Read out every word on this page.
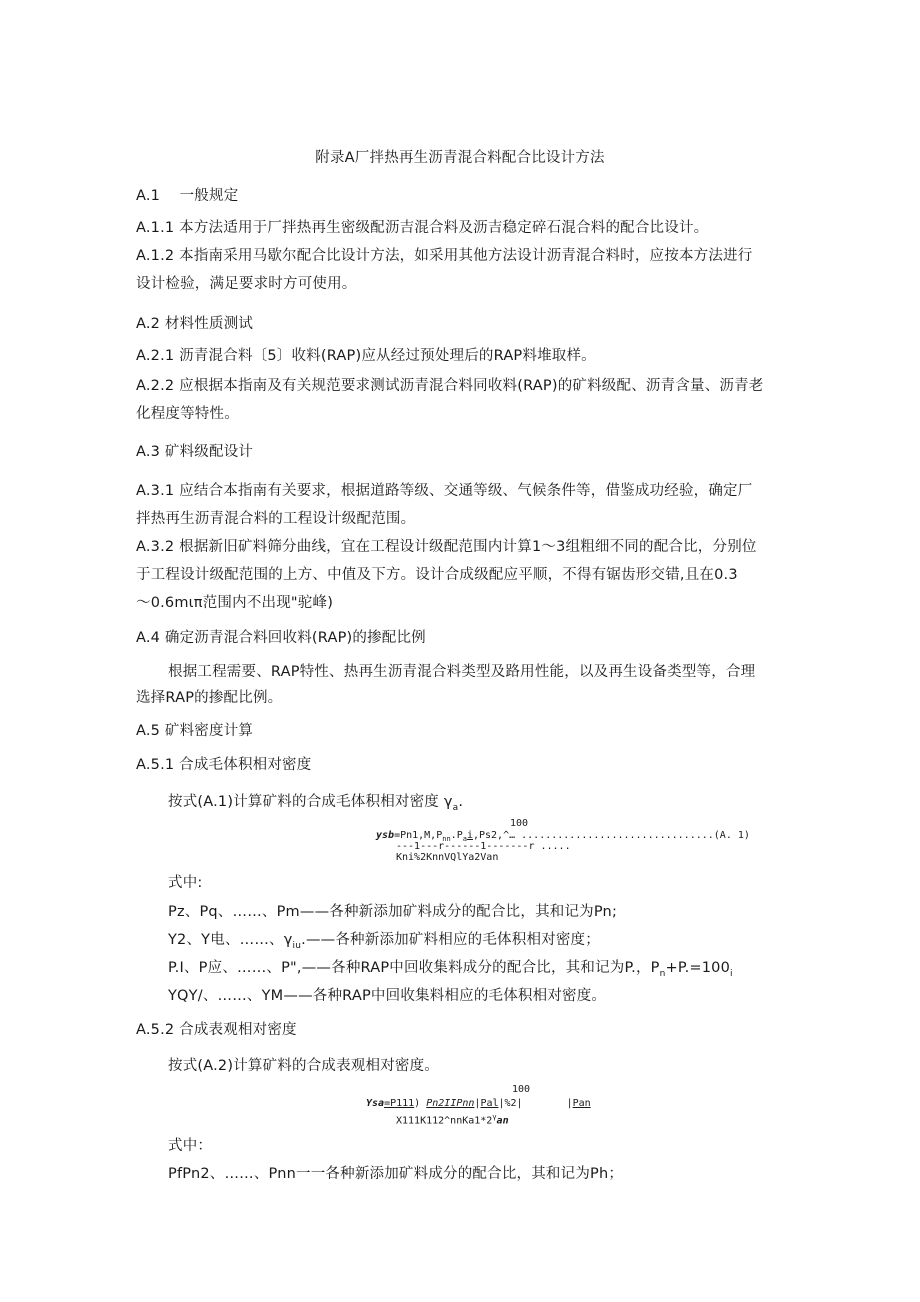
附录A厂拌热再生沥青混合料配合比设计方法
A.1　 一般规定
A.1.1 本方法适用于厂拌热再生密级配沥吉混合料及沥吉稳定碎石混合料的配合比设计。
A.1.2 本指南采用马歇尔配合比设计方法，如采用其他方法设计沥青混合料时，应按本方法进行
设计检验，满足要求时方可使用。
A.2 材料性质测试
A.2.1 沥青混合料〔5〕收料(RAP)应从经过预处理后的RAP料堆取样。
A.2.2 应根据本指南及有关规范要求测试沥青混合料同收料(RAP)的矿料级配、沥青含量、沥青老
化程度等特性。
A.3 矿料级配设计
A.3.1 应结合本指南有关要求，根据道路等级、交通等级、气候条件等，借鉴成功经验，确定厂
拌热再生沥青混合料的工程设计级配范围。
A.3.2 根据新旧矿料筛分曲线，宜在工程设计级配范围内计算1〜3组粗细不同的配合比，分别位
于工程设计级配范围的上方、中值及下方。设计合成级配应平顺，不得有锯齿形交错,且在0.3
〜0.6mιπ范围内不出现"驼峰)
A.4 确定沥青混合料回收料(RAP)的掺配比例
根据工程需要、RAP特性、热再生沥青混合料类型及路用性能，以及再生设备类型等，合理
选择RAP的掺配比例。
A.5 矿料密度计算
A.5.1 合成毛体积相对密度
按式(A.1)计算矿料的合成毛体积相对密度 $\gamma_a$.
100
$ysb=Pn1,M,P_{nn}.P_ai,Ps2,\^{}\dots$ ................................(A. 1)
---1---r------1-------r .....
Kni%2KnnVQlYa2Van
式中:
Pz、Pq、……、Pm——各种新添加矿料成分的配合比，其和记为Pn;
Y2、Y电、……、$\gamma_{iu}.——$各种新添加矿料相应的毛体积相对密度；
P.I、P应、……、P",——各种RAP中回收集料成分的配合比，其和记为P.，$P_n+P.=100_i$
YQY/、……、YM——各种RAP中回收集料相应的毛体积相对密度。
A.5.2 合成表观相对密度
按式(A.2)计算矿料的合成表观相对密度。
100
Ysa=P111) Pn2IIPnn|Pal|%2|	|Pan
$X111K112\^{}nnKa1*2^\gamma an$
式中：
PfPn2、……、Pnn一一各种新添加矿料成分的配合比，其和记为Ph；
